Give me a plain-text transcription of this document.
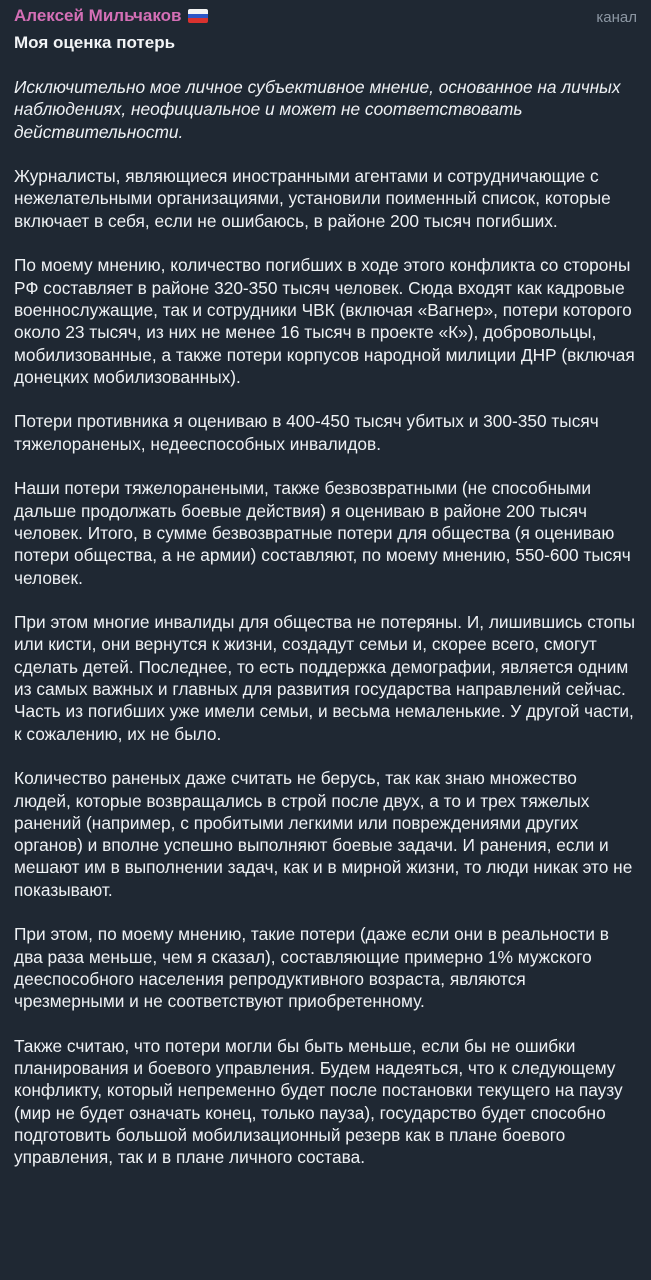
Алексей Мильчаков	канал
Моя оценка потерь

Исключительно мое личное субъективное мнение, основанное на личных наблюдениях, неофициальное и может не соответствовать действительности.

Журналисты, являющиеся иностранными агентами и сотрудничающие с нежелательными организациями, установили поименный список, которые включает в себя, если не ошибаюсь, в районе 200 тысяч погибших.

По моему мнению, количество погибших в ходе этого конфликта со стороны РФ составляет в районе 320-350 тысяч человек. Сюда входят как кадровые военнослужащие, так и сотрудники ЧВК (включая «Вагнер», потери которого около 23 тысяч, из них не менее 16 тысяч в проекте «К»), добровольцы, мобилизованные, а также потери корпусов народной милиции ДНР (включая донецких мобилизованных).

Потери противника я оцениваю в 400-450 тысяч убитых и 300-350 тысяч тяжелораненых, недееспособных инвалидов.

Наши потери тяжелоранеными, также безвозвратными (не способными дальше продолжать боевые действия) я оцениваю в районе 200 тысяч человек. Итого, в сумме безвозвратные потери для общества (я оцениваю потери общества, а не армии) составляют, по моему мнению, 550-600 тысяч человек.

При этом многие инвалиды для общества не потеряны. И, лишившись стопы или кисти, они вернутся к жизни, создадут семьи и, скорее всего, смогут сделать детей. Последнее, то есть поддержка демографии, является одним из самых важных и главных для развития государства направлений сейчас. Часть из погибших уже имели семьи, и весьма немаленькие. У другой части, к сожалению, их не было.

Количество раненых даже считать не берусь, так как знаю множество людей, которые возвращались в строй после двух, а то и трех тяжелых ранений (например, с пробитыми легкими или повреждениями других органов) и вполне успешно выполняют боевые задачи. И ранения, если и мешают им в выполнении задач, как и в мирной жизни, то люди никак это не показывают.

При этом, по моему мнению, такие потери (даже если они в реальности в два раза меньше, чем я сказал), составляющие примерно 1% мужского дееспособного населения репродуктивного возраста, являются чрезмерными и не соответствуют приобретенному.

Также считаю, что потери могли бы быть меньше, если бы не ошибки планирования и боевого управления. Будем надеяться, что к следующему конфликту, который непременно будет после постановки текущего на паузу (мир не будет означать конец, только пауза), государство будет способно подготовить большой мобилизационный резерв как в плане боевого управления, так и в плане личного состава.
